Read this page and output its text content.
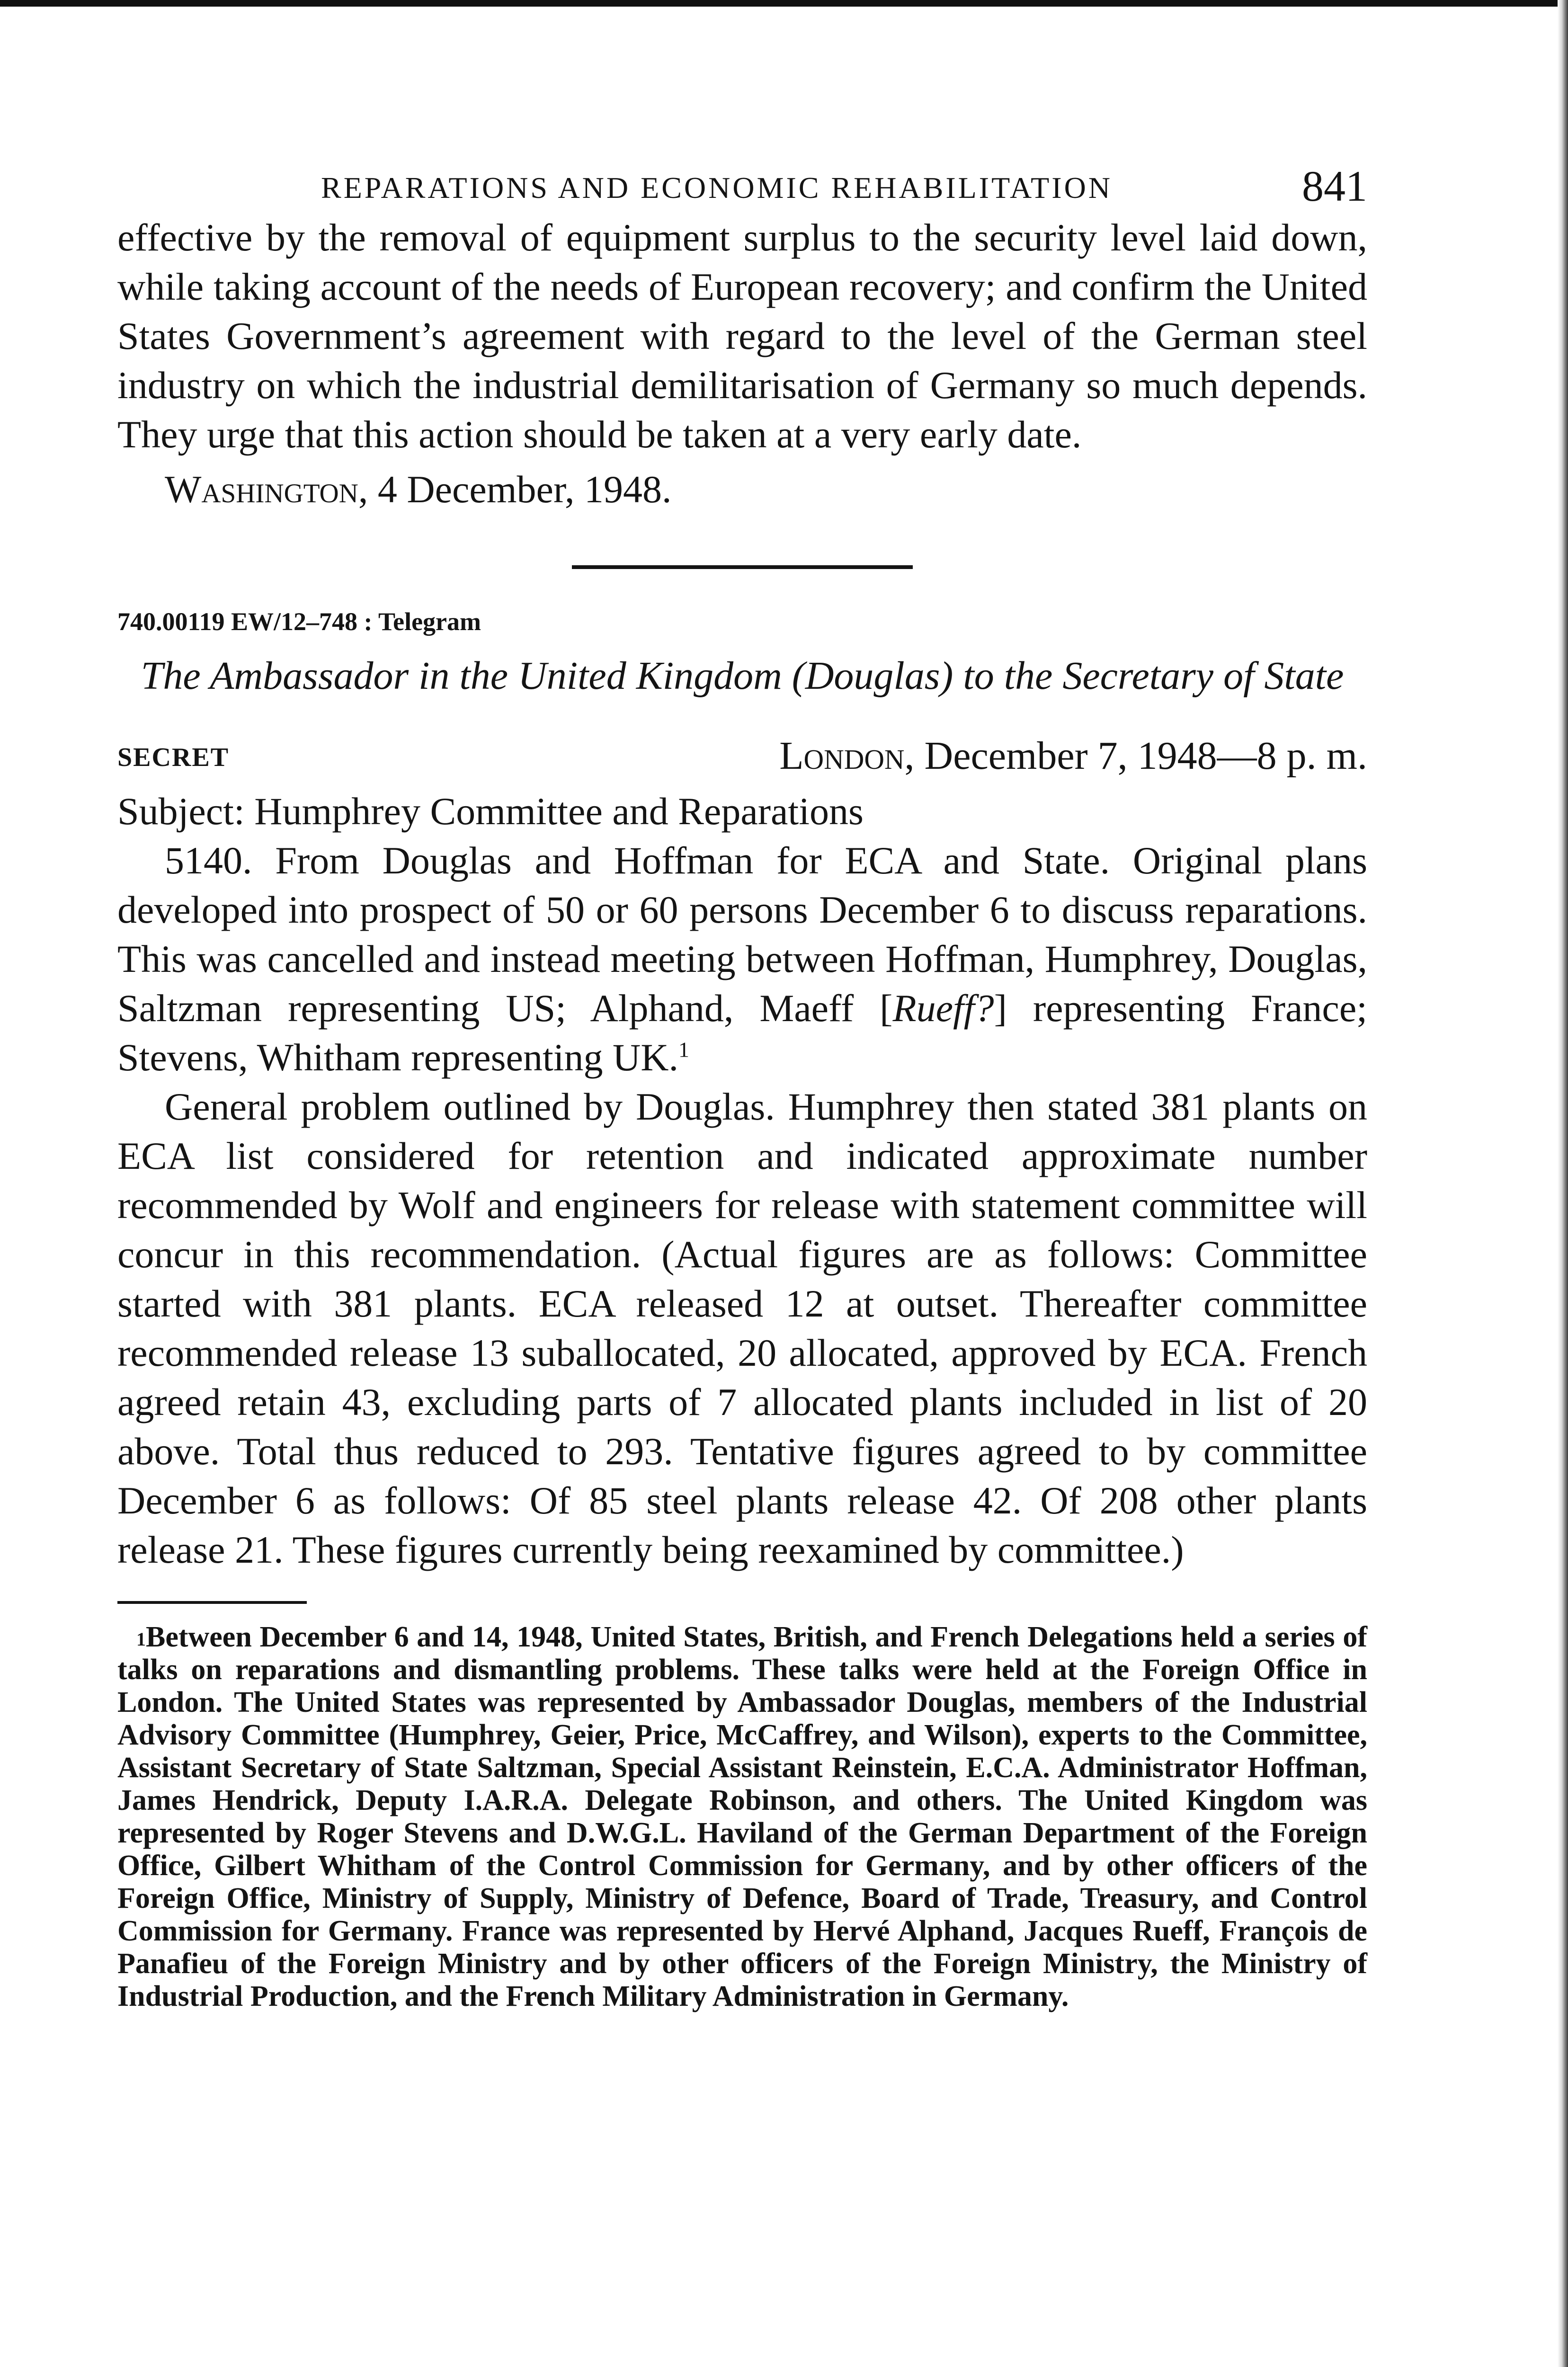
REPARATIONS AND ECONOMIC REHABILITATION	841

effective by the removal of equipment surplus to the security level laid down, while taking account of the needs of European recovery; and confirm the United States Government’s agreement with regard to the level of the German steel industry on which the industrial demilitarisation of Germany so much depends. They urge that this action should be taken at a very early date.

Washington, 4 December, 1948.
740.00119 EW/12–748 : Telegram
The Ambassador in the United Kingdom (Douglas) to the Secretary of State
SECRET	London, December 7, 1948—8 p. m.
Subject: Humphrey Committee and Reparations

5140. From Douglas and Hoffman for ECA and State. Original plans developed into prospect of 50 or 60 persons December 6 to discuss reparations. This was cancelled and instead meeting between Hoffman, Humphrey, Douglas, Saltzman representing US; Alphand, Maeff [Rueff?] representing France; Stevens, Whitham representing UK.$^1$

General problem outlined by Douglas. Humphrey then stated 381 plants on ECA list considered for retention and indicated approximate number recommended by Wolf and engineers for release with statement committee will concur in this recommendation. (Actual figures are as follows: Committee started with 381 plants. ECA released 12 at outset. Thereafter committee recommended release 13 suballocated, 20 allocated, approved by ECA. French agreed retain 43, excluding parts of 7 allocated plants included in list of 20 above. Total thus reduced to 293. Tentative figures agreed to by committee December 6 as follows: Of 85 steel plants release 42. Of 208 other plants release 21. These figures currently being reexamined by committee.)

$^1$Between December 6 and 14, 1948, United States, British, and French Delegations held a series of talks on reparations and dismantling problems. These talks were held at the Foreign Office in London. The United States was represented by Ambassador Douglas, members of the Industrial Advisory Committee (Humphrey, Geier, Price, McCaffrey, and Wilson), experts to the Committee, Assistant Secretary of State Saltzman, Special Assistant Reinstein, E.C.A. Administrator Hoffman, James Hendrick, Deputy I.A.R.A. Delegate Robinson, and others. The United Kingdom was represented by Roger Stevens and D.W.G.L. Haviland of the German Department of the Foreign Office, Gilbert Whitham of the Control Commission for Germany, and by other officers of the Foreign Office, Ministry of Supply, Ministry of Defence, Board of Trade, Treasury, and Control Commission for Germany. France was represented by Hervé Alphand, Jacques Rueff, François de Panafieu of the Foreign Ministry and by other officers of the Foreign Ministry, the Ministry of Industrial Production, and the French Military Administration in Germany.
